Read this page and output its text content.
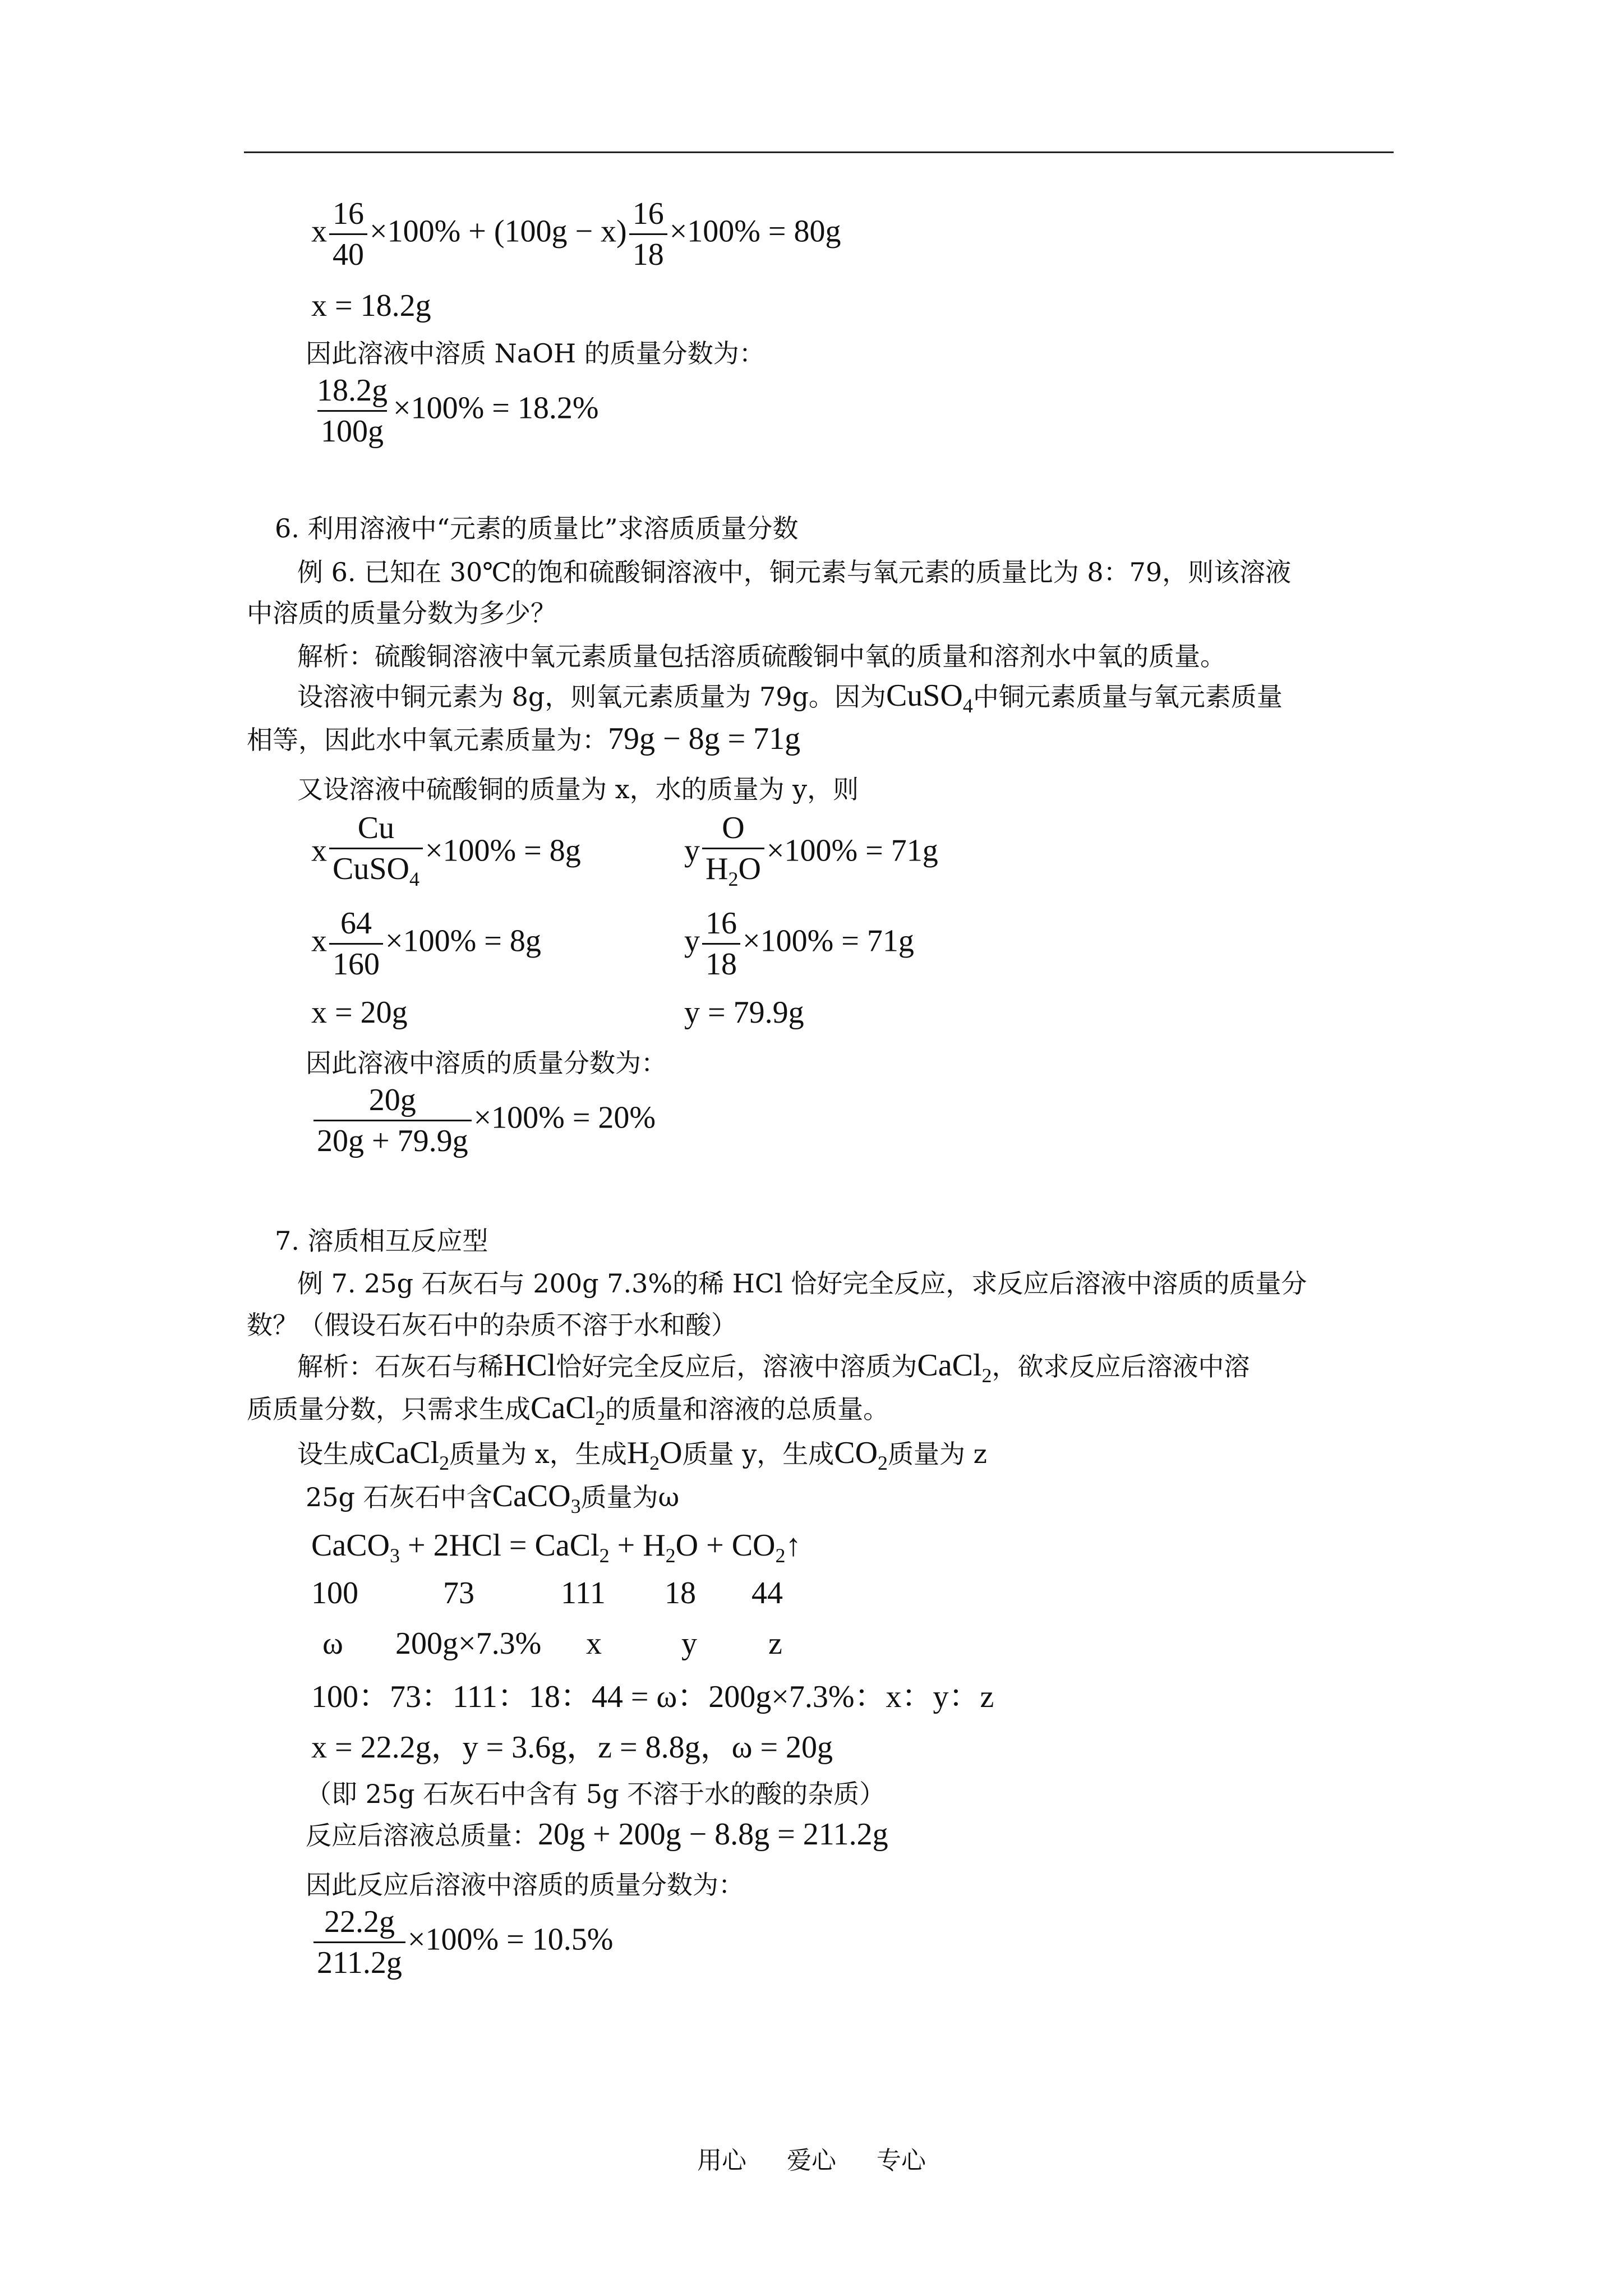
x $\frac{16}{40} \times 100\% + (100g - x) \frac{16}{18} \times 100\% = 80g$
x = 18.2g
因此溶液中溶质 NaOH 的质量分数为：
$\frac{18.2g}{100g} \times 100\% = 18.2\%$
6. 利用溶液中“元素的质量比”求溶质质量分数
例 6. 已知在 30℃的饱和硫酸铜溶液中，铜元素与氧元素的质量比为 8：79，则该溶液
中溶质的质量分数为多少？
解析：硫酸铜溶液中氧元素质量包括溶质硫酸铜中氧的质量和溶剂水中氧的质量。
设溶液中铜元素为 8g，则氧元素质量为 79g。因为CuSO$_4$中铜元素质量与氧元素质量
相等，因此水中氧元素质量为：79g − 8g = 71g
又设溶液中硫酸铜的质量为 x，水的质量为 y，则
x $\frac{Cu}{CuSO_4} \times 100\% = 8g$	y $\frac{O}{H_2O} \times 100\% = 71g$
x $\frac{64}{160} \times 100\% = 8g$	y $\frac{16}{18} \times 100\% = 71g$
x = 20g	y = 79.9g
因此溶液中溶质的质量分数为：
$\frac{20g}{20g + 79.9g} \times 100\% = 20\%$
7. 溶质相互反应型
例 7. 25g 石灰石与 200g 7.3%的稀 HCl 恰好完全反应，求反应后溶液中溶质的质量分
数？（假设石灰石中的杂质不溶于水和酸）
解析：石灰石与稀HCl恰好完全反应后，溶液中溶质为CaCl$_2$，欲求反应后溶液中溶
质质量分数，只需求生成CaCl$_2$的质量和溶液的总质量。
设生成CaCl$_2$质量为 x，生成$H_2O$质量 y，生成$CO_2$质量为 z
25g 石灰石中含CaCO$_3$质量为ω
CaCO$_3$ + 2HCl = CaCl$_2$ + $H_2O$ + $CO_2↑$
100	73	111 18 44
ω 200g×7.3% x	y z
100：73：111：18：44 = ω：200g×7.3%：x：y：z
x = 22.2g，y = 3.6g，z = 8.8g，ω = 20g
（即 25g 石灰石中含有 5g 不溶于水的酸的杂质）
反应后溶液总质量：20g + 200g − 8.8g = 211.2g
因此反应后溶液中溶质的质量分数为：
$\frac{22.2g}{211.2g} \times 100\% = 10.5\%$
用心 爱心 专心
